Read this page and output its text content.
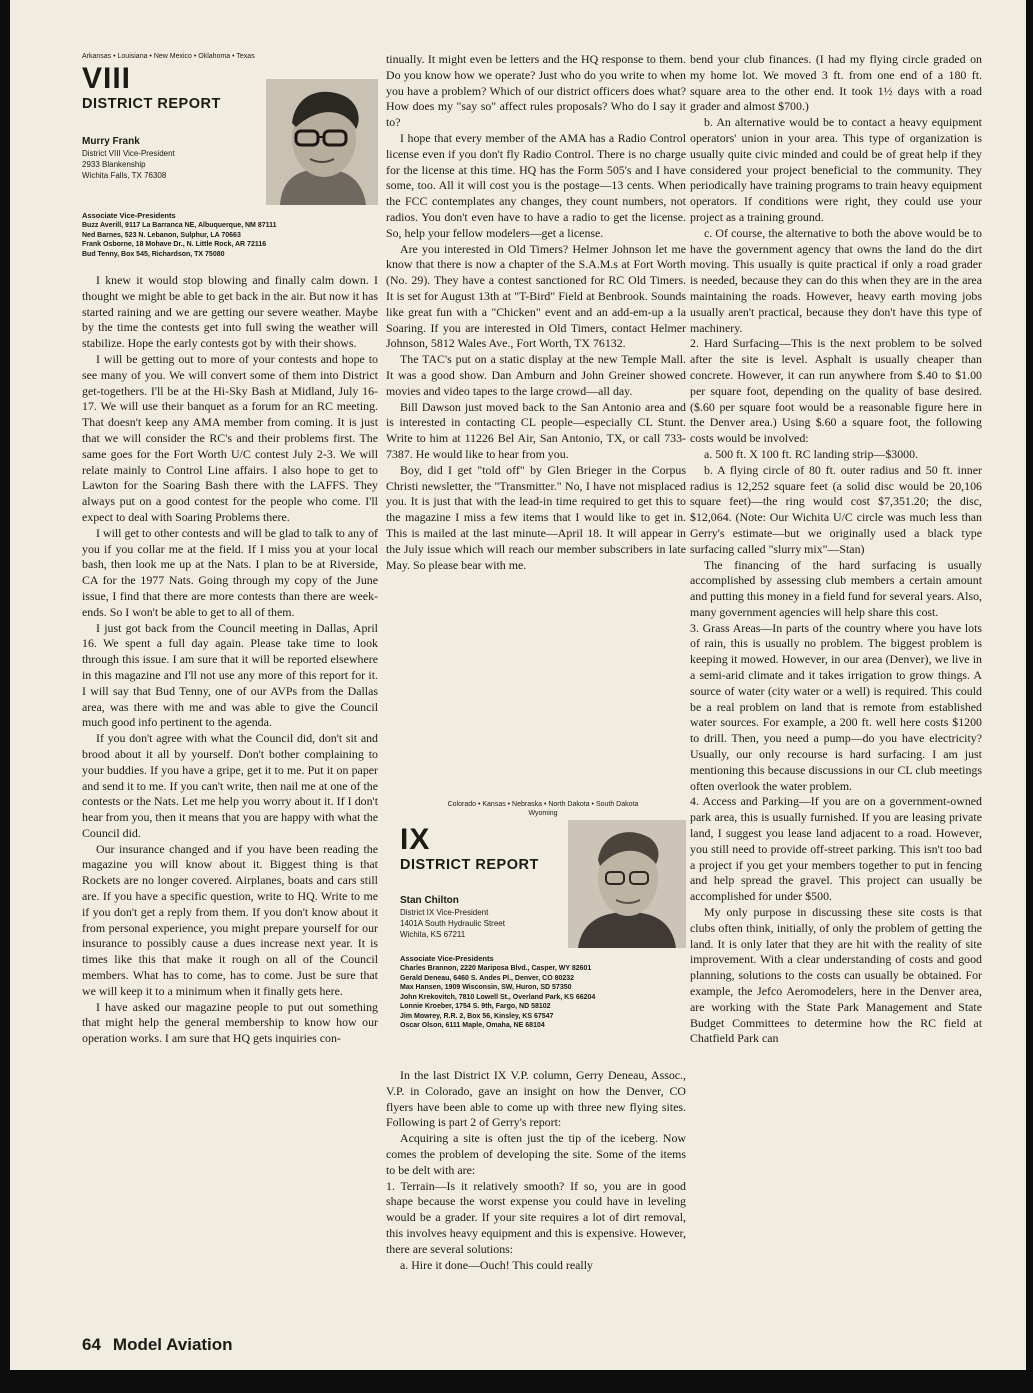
Arkansas • Louisiana • New Mexico • Oklahoma • Texas
VIII
DISTRICT REPORT
Murry Frank
District VIII Vice-President
2933 Blankenship
Wichita Falls, TX 76308
Associate Vice-Presidents
Buzz Averill, 9117 La Barranca NE, Albuquerque, NM 87111
Ned Barnes, 523 N. Lebanon, Sulphur, LA 70663
Frank Osborne, 18 Mohave Dr., N. Little Rock, AR 72116
Bud Tenny, Box 545, Richardson, TX 75080

I knew it would stop blowing and finally calm down. I thought we might be able to get back in the air. But now it has started raining and we are getting our severe weather. Maybe by the time the contests get into full swing the weather will stabilize. Hope the early contests got by with their shows.

I will be getting out to more of your contests and hope to see many of you. We will convert some of them into District get-togethers. I'll be at the Hi-Sky Bash at Midland, July 16-17. We will use their banquet as a forum for an RC meeting. That doesn't keep any AMA member from coming. It is just that we will consider the RC's and their problems first. The same goes for the Fort Worth U/C contest July 2-3. We will relate mainly to Control Line affairs. I also hope to get to Lawton for the Soaring Bash there with the LAFFS. They always put on a good contest for the people who come. I'll expect to deal with Soaring Problems there.

I will get to other contests and will be glad to talk to any of you if you collar me at the field. If I miss you at your local bash, then look me up at the Nats. I plan to be at Riverside, CA for the 1977 Nats. Going through my copy of the June issue, I find that there are more contests than there are week-ends. So I won't be able to get to all of them.

I just got back from the Council meeting in Dallas, April 16. We spent a full day again. Please take time to look through this issue. I am sure that it will be reported elsewhere in this magazine and I'll not use any more of this report for it. I will say that Bud Tenny, one of our AVPs from the Dallas area, was there with me and was able to give the Council much good info pertinent to the agenda.

If you don't agree with what the Council did, don't sit and brood about it all by yourself. Don't bother complaining to your buddies. If you have a gripe, get it to me. Put it on paper and send it to me. If you can't write, then nail me at one of the contests or the Nats. Let me help you worry about it. If I don't hear from you, then it means that you are happy with what the Council did.

Our insurance changed and if you have been reading the magazine you will know about it. Biggest thing is that Rockets are no longer covered. Airplanes, boats and cars still are. If you have a specific question, write to HQ. Write to me if you don't get a reply from them. If you don't know about it from personal experience, you might prepare yourself for our insurance to possibly cause a dues increase next year. It is times like this that make it rough on all of the Council members. What has to come, has to come. Just be sure that we will keep it to a minimum when it finally gets here.

I have asked our magazine people to put out something that might help the general membership to know how our operation works. I am sure that HQ gets inquiries con-

tinually. It might even be letters and the HQ response to them. Do you know how we operate? Just who do you write to when you have a problem? Which of our district officers does what? How does my "say so" affect rules proposals? Who do I say it to?

I hope that every member of the AMA has a Radio Control license even if you don't fly Radio Control. There is no charge for the license at this time. HQ has the Form 505's and I have some, too. All it will cost you is the postage—13 cents. When the FCC contemplates any changes, they count numbers, not radios. You don't even have to have a radio to get the license. So, help your fellow modelers—get a license.

Are you interested in Old Timers? Helmer Johnson let me know that there is now a chapter of the S.A.M.s at Fort Worth (No. 29). They have a contest sanctioned for RC Old Timers. It is set for August 13th at "T-Bird" Field at Benbrook. Sounds like great fun with a "Chicken" event and an add-em-up a la Soaring. If you are interested in Old Timers, contact Helmer Johnson, 5812 Wales Ave., Fort Worth, TX 76132.

The TAC's put on a static display at the new Temple Mall. It was a good show. Dan Amburn and John Greiner showed movies and video tapes to the large crowd—all day.

Bill Dawson just moved back to the San Antonio area and is interested in contacting CL people—especially CL Stunt. Write to him at 11226 Bel Air, San Antonio, TX, or call 733-7387. He would like to hear from you.

Boy, did I get "told off" by Glen Brieger in the Corpus Christi newsletter, the "Transmitter." No, I have not misplaced you. It is just that with the lead-in time required to get this to the magazine I miss a few items that I would like to get in. This is mailed at the last minute—April 18. It will appear in the July issue which will reach our member subscribers in late May. So please bear with me.

Colorado • Kansas • Nebraska • North Dakota • South Dakota
Wyoming
IX
DISTRICT REPORT
Stan Chilton
District IX Vice-President
1401A South Hydraulic Street
Wichita, KS 67211
Associate Vice-Presidents
Charles Brannon, 2220 Mariposa Blvd., Casper, WY 82601
Gerald Deneau, 6460 S. Andes Pl., Denver, CO 80232
Max Hansen, 1909 Wisconsin, SW, Huron, SD 57350
John Krekovitch, 7810 Lowell St., Overland Park, KS 66204
Lonnie Kroeber, 1754 S. 9th, Fargo, ND 58102
Jim Mowrey, R.R. 2, Box 56, Kinsley, KS 67547
Oscar Olson, 6111 Maple, Omaha, NE 68104

In the last District IX V.P. column, Gerry Deneau, Assoc., V.P. in Colorado, gave an insight on how the Denver, CO flyers have been able to come up with three new flying sites. Following is part 2 of Gerry's report:

Acquiring a site is often just the tip of the iceberg. Now comes the problem of developing the site. Some of the items to be delt with are:

1. Terrain—Is it relatively smooth? If so, you are in good shape because the worst expense you could have in leveling would be a grader. If your site requires a lot of dirt removal, this involves heavy equipment and this is expensive. However, there are several solutions:

a. Hire it done—Ouch! This could really

bend your club finances. (I had my flying circle graded on my home lot. We moved 3 ft. from one end of a 180 ft. square area to the other end. It took 1½ days with a road grader and almost $700.)

b. An alternative would be to contact a heavy equipment operators' union in your area. This type of organization is usually quite civic minded and could be of great help if they considered your project beneficial to the community. They periodically have training programs to train heavy equipment operators. If conditions were right, they could use your project as a training ground.

c. Of course, the alternative to both the above would be to have the government agency that owns the land do the dirt moving. This usually is quite practical if only a road grader is needed, because they can do this when they are in the area maintaining the roads. However, heavy earth moving jobs usually aren't practical, because they don't have this type of machinery.

2. Hard Surfacing—This is the next problem to be solved after the site is level. Asphalt is usually cheaper than concrete. However, it can run anywhere from $.40 to $1.00 per square foot, depending on the quality of base desired. ($.60 per square foot would be a reasonable figure here in the Denver area.) Using $.60 a square foot, the following costs would be involved:

a. 500 ft. X 100 ft. RC landing strip—$3000.

b. A flying circle of 80 ft. outer radius and 50 ft. inner radius is 12,252 square feet (a solid disc would be 20,106 square feet)—the ring would cost $7,351.20; the disc, $12,064. (Note: Our Wichita U/C circle was much less than Gerry's estimate—but we originally used a black type surfacing called "slurry mix"—Stan)

The financing of the hard surfacing is usually accomplished by assessing club members a certain amount and putting this money in a field fund for several years. Also, many government agencies will help share this cost.

3. Grass Areas—In parts of the country where you have lots of rain, this is usually no problem. The biggest problem is keeping it mowed. However, in our area (Denver), we live in a semi-arid climate and it takes irrigation to grow things. A source of water (city water or a well) is required. This could be a real problem on land that is remote from established water sources. For example, a 200 ft. well here costs $1200 to drill. Then, you need a pump—do you have electricity? Usually, our only recourse is hard surfacing. I am just mentioning this because discussions in our CL club meetings often overlook the water problem.

4. Access and Parking—If you are on a government-owned park area, this is usually furnished. If you are leasing private land, I suggest you lease land adjacent to a road. However, you still need to provide off-street parking. This isn't too bad a project if you get your members together to put in fencing and help spread the gravel. This project can usually be accomplished for under $500.

My only purpose in discussing these site costs is that clubs often think, initially, of only the problem of getting the land. It is only later that they are hit with the reality of site improvement. With a clear understanding of costs and good planning, solutions to the costs can usually be obtained. For example, the Jefco Aeromodelers, here in the Denver area, are working with the State Park Management and State Budget Committees to determine how the RC field at Chatfield Park can

64 Model Aviation
